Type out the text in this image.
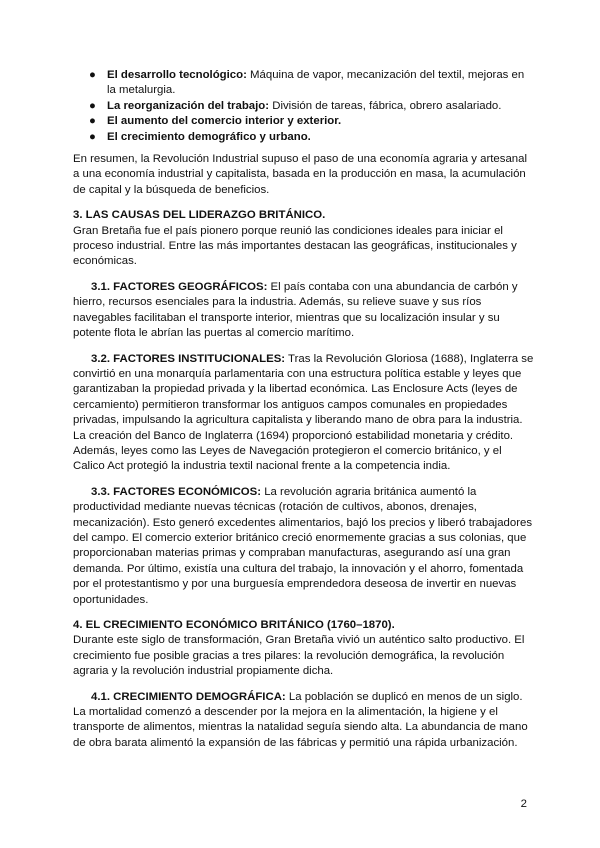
● El desarrollo tecnológico: Máquina de vapor, mecanización del textil, mejoras en la metalurgia.
● La reorganización del trabajo: División de tareas, fábrica, obrero asalariado.
● El aumento del comercio interior y exterior.
● El crecimiento demográfico y urbano.

En resumen, la Revolución Industrial supuso el paso de una economía agraria y artesanal a una economía industrial y capitalista, basada en la producción en masa, la acumulación de capital y la búsqueda de beneficios.

3. LAS CAUSAS DEL LIDERAZGO BRITÁNICO.

Gran Bretaña fue el país pionero porque reunió las condiciones ideales para iniciar el proceso industrial. Entre las más importantes destacan las geográficas, institucionales y económicas.

3.1. FACTORES GEOGRÁFICOS: El país contaba con una abundancia de carbón y hierro, recursos esenciales para la industria. Además, su relieve suave y sus ríos navegables facilitaban el transporte interior, mientras que su localización insular y su potente flota le abrían las puertas al comercio marítimo.

3.2. FACTORES INSTITUCIONALES: Tras la Revolución Gloriosa (1688), Inglaterra se convirtió en una monarquía parlamentaria con una estructura política estable y leyes que garantizaban la propiedad privada y la libertad económica. Las Enclosure Acts (leyes de cercamiento) permitieron transformar los antiguos campos comunales en propiedades privadas, impulsando la agricultura capitalista y liberando mano de obra para la industria. La creación del Banco de Inglaterra (1694) proporcionó estabilidad monetaria y crédito. Además, leyes como las Leyes de Navegación protegieron el comercio británico, y el Calico Act protegió la industria textil nacional frente a la competencia india.

3.3. FACTORES ECONÓMICOS: La revolución agraria británica aumentó la productividad mediante nuevas técnicas (rotación de cultivos, abonos, drenajes, mecanización). Esto generó excedentes alimentarios, bajó los precios y liberó trabajadores del campo. El comercio exterior británico creció enormemente gracias a sus colonias, que proporcionaban materias primas y compraban manufacturas, asegurando así una gran demanda. Por último, existía una cultura del trabajo, la innovación y el ahorro, fomentada por el protestantismo y por una burguesía emprendedora deseosa de invertir en nuevas oportunidades.

4. EL CRECIMIENTO ECONÓMICO BRITÁNICO (1760–1870).

Durante este siglo de transformación, Gran Bretaña vivió un auténtico salto productivo. El crecimiento fue posible gracias a tres pilares: la revolución demográfica, la revolución agraria y la revolución industrial propiamente dicha.

4.1. CRECIMIENTO DEMOGRÁFICA: La población se duplicó en menos de un siglo. La mortalidad comenzó a descender por la mejora en la alimentación, la higiene y el transporte de alimentos, mientras la natalidad seguía siendo alta. La abundancia de mano de obra barata alimentó la expansión de las fábricas y permitió una rápida urbanización.

2
